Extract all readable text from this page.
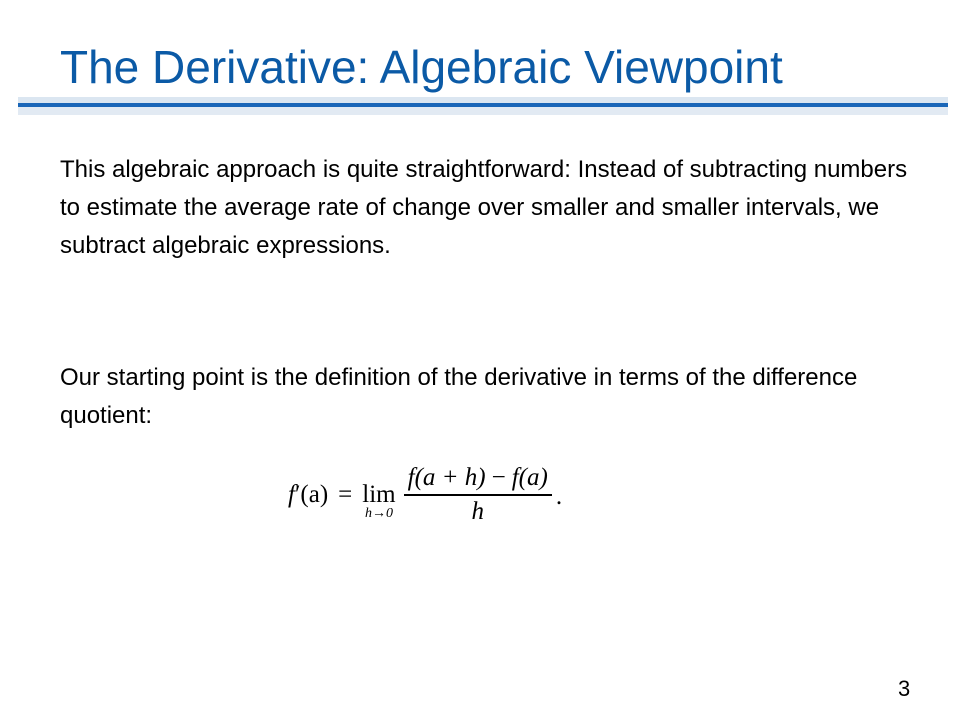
The Derivative: Algebraic Viewpoint

This algebraic approach is quite straightforward: Instead of subtracting numbers to estimate the average rate of change over smaller and smaller intervals, we subtract algebraic expressions.

Our starting point is the definition of the derivative in terms of the difference quotient:

f′(a) = lim
$h\to 0 \frac{f(a + h) - f(a)}{h}$ .
3
